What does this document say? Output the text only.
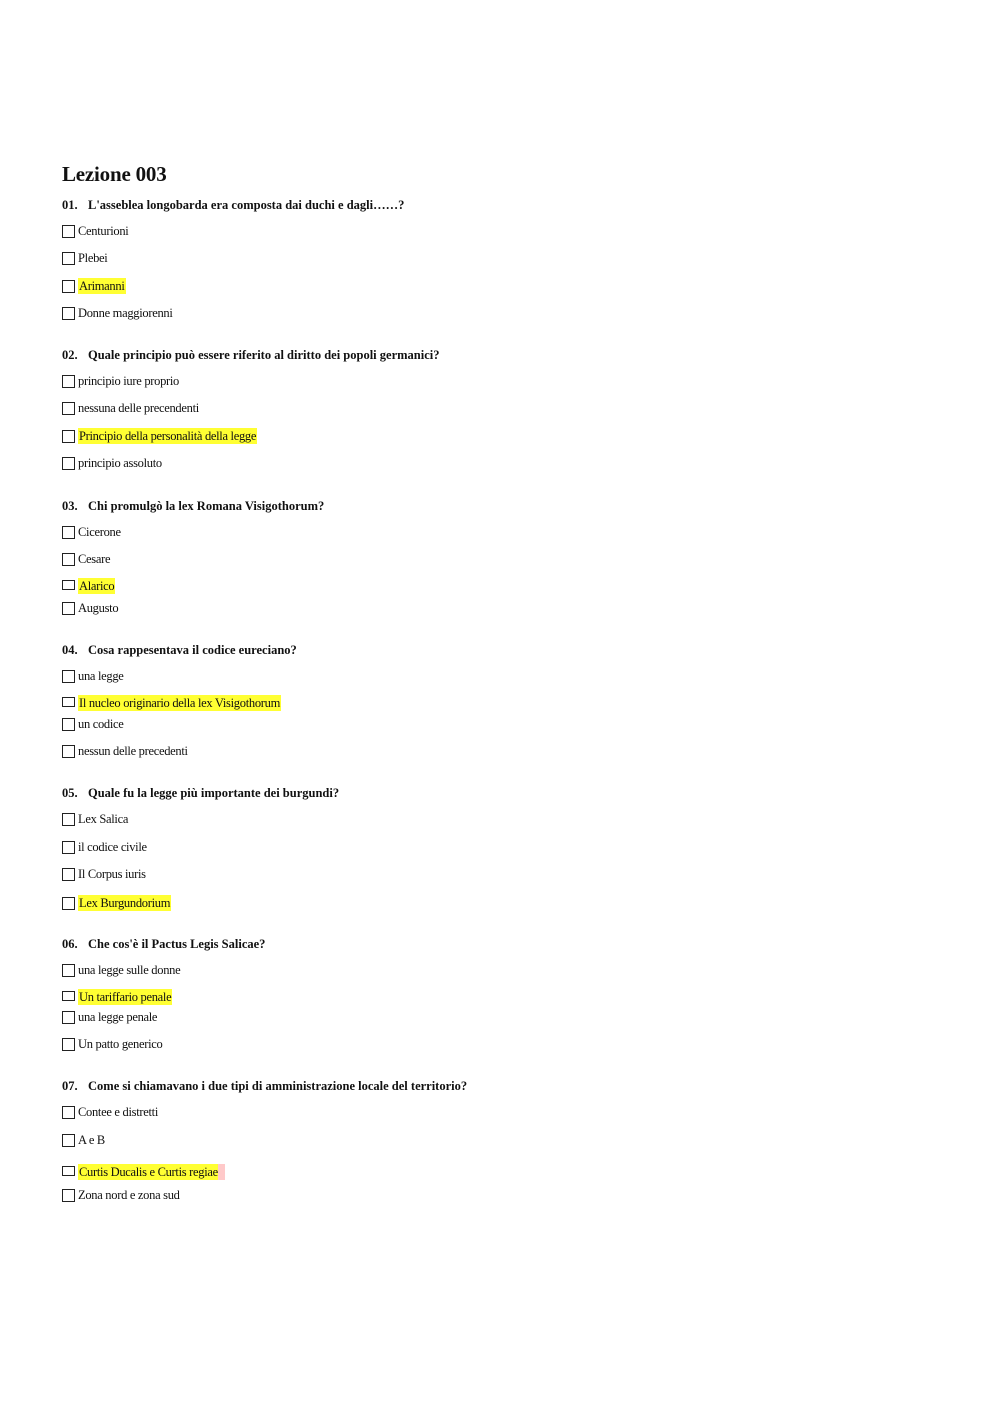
Lezione 003
01. L'asseblea longobarda era composta dai duchi e dagli……?
Centurioni
Plebei
Arimanni
Donne maggiorenni
02. Quale principio può essere riferito al diritto dei popoli germanici?
principio iure proprio
nessuna delle precendenti
Principio della personalità della legge
principio assoluto
03. Chi promulgò la lex Romana Visigothorum?
Cicerone
Cesare
Alarico
Augusto
04. Cosa rappesentava il codice eureciano?
una legge
Il nucleo originario della lex Visigothorum
un codice
nessun delle precedenti
05. Quale fu la legge più importante dei burgundi?
Lex Salica
il codice civile
Il Corpus iuris
Lex Burgundorium
06. Che cos'è il Pactus Legis Salicae?
una legge sulle donne
Un tariffario penale
una legge penale
Un patto generico
07. Come si chiamavano i due tipi di amministrazione locale del territorio?
Contee e distretti
A e B
Curtis Ducalis e Curtis regiae
Zona nord e zona sud
